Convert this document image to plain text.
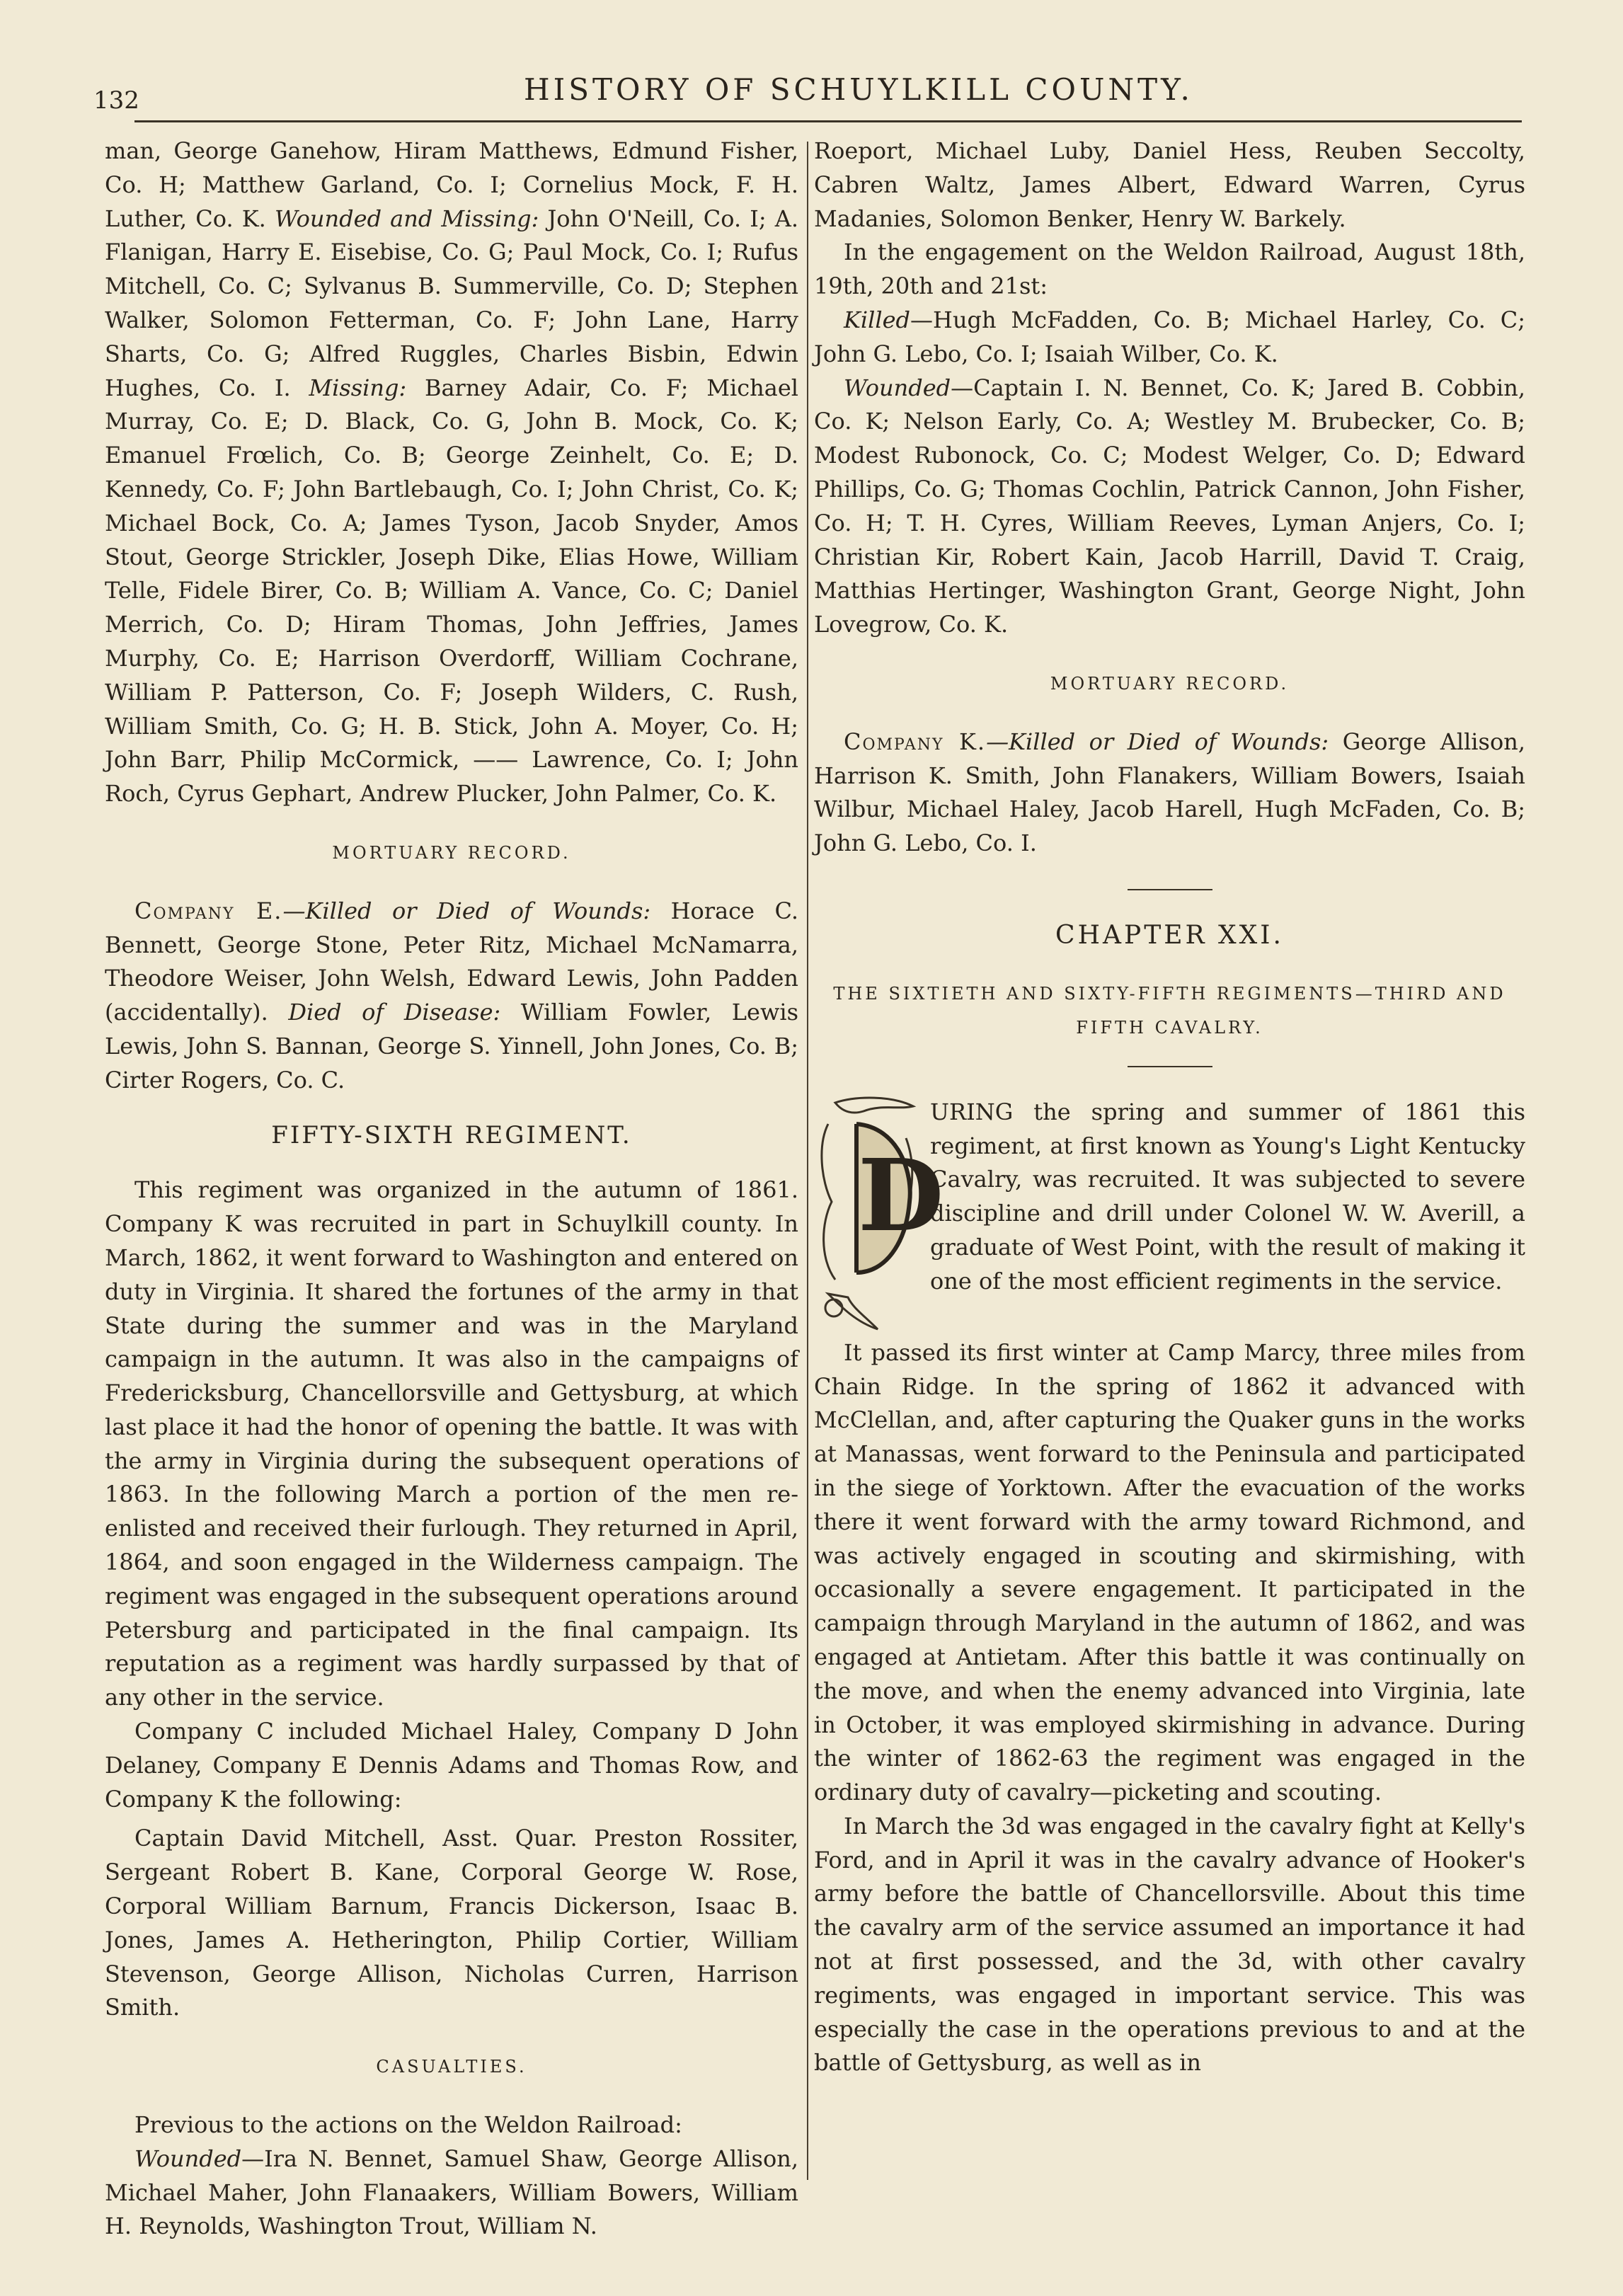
132	HISTORY OF SCHUYLKILL COUNTY.

man, George Ganehow, Hiram Matthews, Edmund Fisher, Co. H; Matthew Garland, Co. I; Cornelius Mock, F. H. Luther, Co. K. Wounded and Missing: John O'Neill, Co. I; A. Flanigan, Harry E. Eisebise, Co. G; Paul Mock, Co. I; Rufus Mitchell, Co. C; Sylvanus B. Summerville, Co. D; Stephen Walker, Solomon Fetterman, Co. F; John Lane, Harry Sharts, Co. G; Alfred Ruggles, Charles Bisbin, Edwin Hughes, Co. I. Missing: Barney Adair, Co. F; Michael Murray, Co. E; D. Black, Co. G, John B. Mock, Co. K; Emanuel Frœlich, Co. B; George Zeinhelt, Co. E; D. Kennedy, Co. F; John Bartlebaugh, Co. I; John Christ, Co. K; Michael Bock, Co. A; James Tyson, Jacob Snyder, Amos Stout, George Strickler, Joseph Dike, Elias Howe, William Telle, Fidele Birer, Co. B; William A. Vance, Co. C; Daniel Merrich, Co. D; Hiram Thomas, John Jeffries, James Murphy, Co. E; Harrison Overdorff, William Cochrane, William P. Patterson, Co. F; Joseph Wilders, C. Rush, William Smith, Co. G; H. B. Stick, John A. Moyer, Co. H; John Barr, Philip McCormick, —— Lawrence, Co. I; John Roch, Cyrus Gephart, Andrew Plucker, John Palmer, Co. K.

MORTUARY RECORD.

Company E.—Killed or Died of Wounds: Horace C. Bennett, George Stone, Peter Ritz, Michael McNamarra, Theodore Weiser, John Welsh, Edward Lewis, John Padden (accidentally). Died of Disease: William Fowler, Lewis Lewis, John S. Bannan, George S. Yinnell, John Jones, Co. B; Cirter Rogers, Co. C.

FIFTY-SIXTH REGIMENT.

This regiment was organized in the autumn of 1861. Company K was recruited in part in Schuylkill county. In March, 1862, it went forward to Washington and entered on duty in Virginia. It shared the fortunes of the army in that State during the summer and was in the Maryland campaign in the autumn. It was also in the campaigns of Fredericksburg, Chancellorsville and Gettysburg, at which last place it had the honor of opening the battle. It was with the army in Virginia during the subsequent operations of 1863. In the following March a portion of the men re-enlisted and received their furlough. They returned in April, 1864, and soon engaged in the Wilderness campaign. The regiment was engaged in the subsequent operations around Petersburg and participated in the final campaign. Its reputation as a regiment was hardly surpassed by that of any other in the service.

Company C included Michael Haley, Company D John Delaney, Company E Dennis Adams and Thomas Row, and Company K the following:

Captain David Mitchell, Asst. Quar. Preston Rossiter, Sergeant Robert B. Kane, Corporal George W. Rose, Corporal William Barnum, Francis Dickerson, Isaac B. Jones, James A. Hetherington, Philip Cortier, William Stevenson, George Allison, Nicholas Curren, Harrison Smith.

CASUALTIES.

Previous to the actions on the Weldon Railroad:

Wounded—Ira N. Bennet, Samuel Shaw, George Allison, Michael Maher, John Flanaakers, William Bowers, William H. Reynolds, Washington Trout, William N.

Roeport, Michael Luby, Daniel Hess, Reuben Seccolty, Cabren Waltz, James Albert, Edward Warren, Cyrus Madanies, Solomon Benker, Henry W. Barkely.

In the engagement on the Weldon Railroad, August 18th, 19th, 20th and 21st:

Killed—Hugh McFadden, Co. B; Michael Harley, Co. C; John G. Lebo, Co. I; Isaiah Wilber, Co. K.

Wounded—Captain I. N. Bennet, Co. K; Jared B. Cobbin, Co. K; Nelson Early, Co. A; Westley M. Brubecker, Co. B; Modest Rubonock, Co. C; Modest Welger, Co. D; Edward Phillips, Co. G; Thomas Cochlin, Patrick Cannon, John Fisher, Co. H; T. H. Cyres, William Reeves, Lyman Anjers, Co. I; Christian Kir, Robert Kain, Jacob Harrill, David T. Craig, Matthias Hertinger, Washington Grant, George Night, John Lovegrow, Co. K.

MORTUARY RECORD.

Company K.—Killed or Died of Wounds: George Allison, Harrison K. Smith, John Flanakers, William Bowers, Isaiah Wilbur, Michael Haley, Jacob Harell, Hugh McFaden, Co. B; John G. Lebo, Co. I.

CHAPTER XXI.
THE SIXTIETH AND SIXTY-FIFTH REGIMENTS—THIRD AND FIFTH CAVALRY.
D

URING the spring and summer of 1861 this regiment, at first known as Young's Light Kentucky Cavalry, was recruited. It was subjected to severe discipline and drill under Colonel W. W. Averill, a graduate of West Point, with the result of making it one of the most efficient regiments in the service.

It passed its first winter at Camp Marcy, three miles from Chain Ridge. In the spring of 1862 it advanced with McClellan, and, after capturing the Quaker guns in the works at Manassas, went forward to the Peninsula and participated in the siege of Yorktown. After the evacuation of the works there it went forward with the army toward Richmond, and was actively engaged in scouting and skirmishing, with occasionally a severe engagement. It participated in the campaign through Maryland in the autumn of 1862, and was engaged at Antietam. After this battle it was continually on the move, and when the enemy advanced into Virginia, late in October, it was employed skirmishing in advance. During the winter of 1862-63 the regiment was engaged in the ordinary duty of cavalry—picketing and scouting.

In March the 3d was engaged in the cavalry fight at Kelly's Ford, and in April it was in the cavalry advance of Hooker's army before the battle of Chancellorsville. About this time the cavalry arm of the service assumed an importance it had not at first possessed, and the 3d, with other cavalry regiments, was engaged in important service. This was especially the case in the operations previous to and at the battle of Gettysburg, as well as in
